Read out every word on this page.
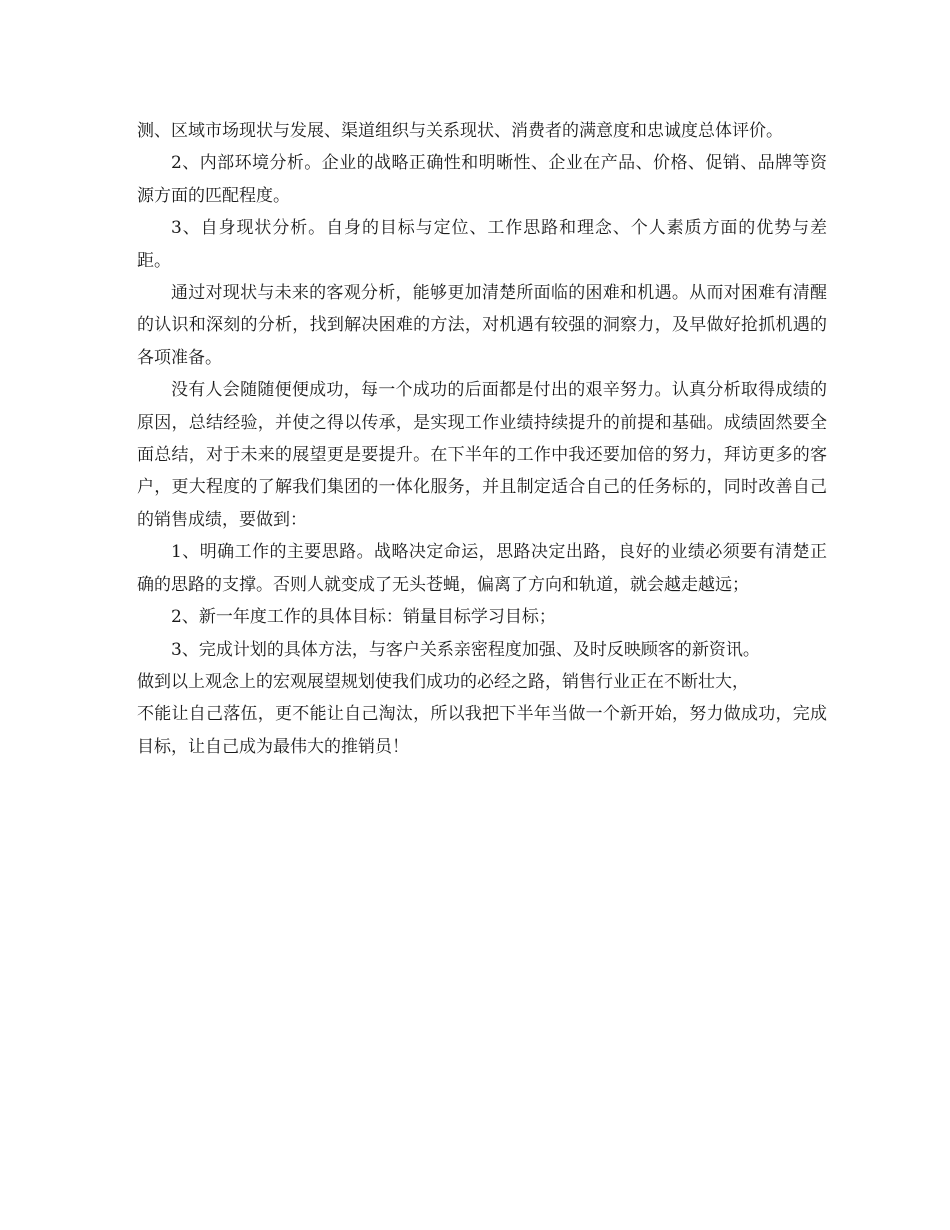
测、区域市场现状与发展、渠道组织与关系现状、消费者的满意度和忠诚度总体评价。

2、内部环境分析。企业的战略正确性和明晰性、企业在产品、价格、促销、品牌等资源方面的匹配程度。

3、自身现状分析。自身的目标与定位、工作思路和理念、个人素质方面的优势与差距。

通过对现状与未来的客观分析，能够更加清楚所面临的困难和机遇。从而对困难有清醒的认识和深刻的分析，找到解决困难的方法，对机遇有较强的洞察力，及早做好抢抓机遇的各项准备。

没有人会随随便便成功，每一个成功的后面都是付出的艰辛努力。认真分析取得成绩的原因，总结经验，并使之得以传承，是实现工作业绩持续提升的前提和基础。成绩固然要全面总结，对于未来的展望更是要提升。在下半年的工作中我还要加倍的努力，拜访更多的客户，更大程度的了解我们集团的一体化服务，并且制定适合自己的任务标的，同时改善自己的销售成绩，要做到：

1、明确工作的主要思路。战略决定命运，思路决定出路，良好的业绩必须要有清楚正确的思路的支撑。否则人就变成了无头苍蝇，偏离了方向和轨道，就会越走越远；

2、新一年度工作的具体目标：销量目标学习目标；

3、完成计划的具体方法，与客户关系亲密程度加强、及时反映顾客的新资讯。

做到以上观念上的宏观展望规划使我们成功的必经之路，销售行业正在不断壮大，

不能让自己落伍，更不能让自己淘汰，所以我把下半年当做一个新开始，努力做成功，完成目标，让自己成为最伟大的推销员！
